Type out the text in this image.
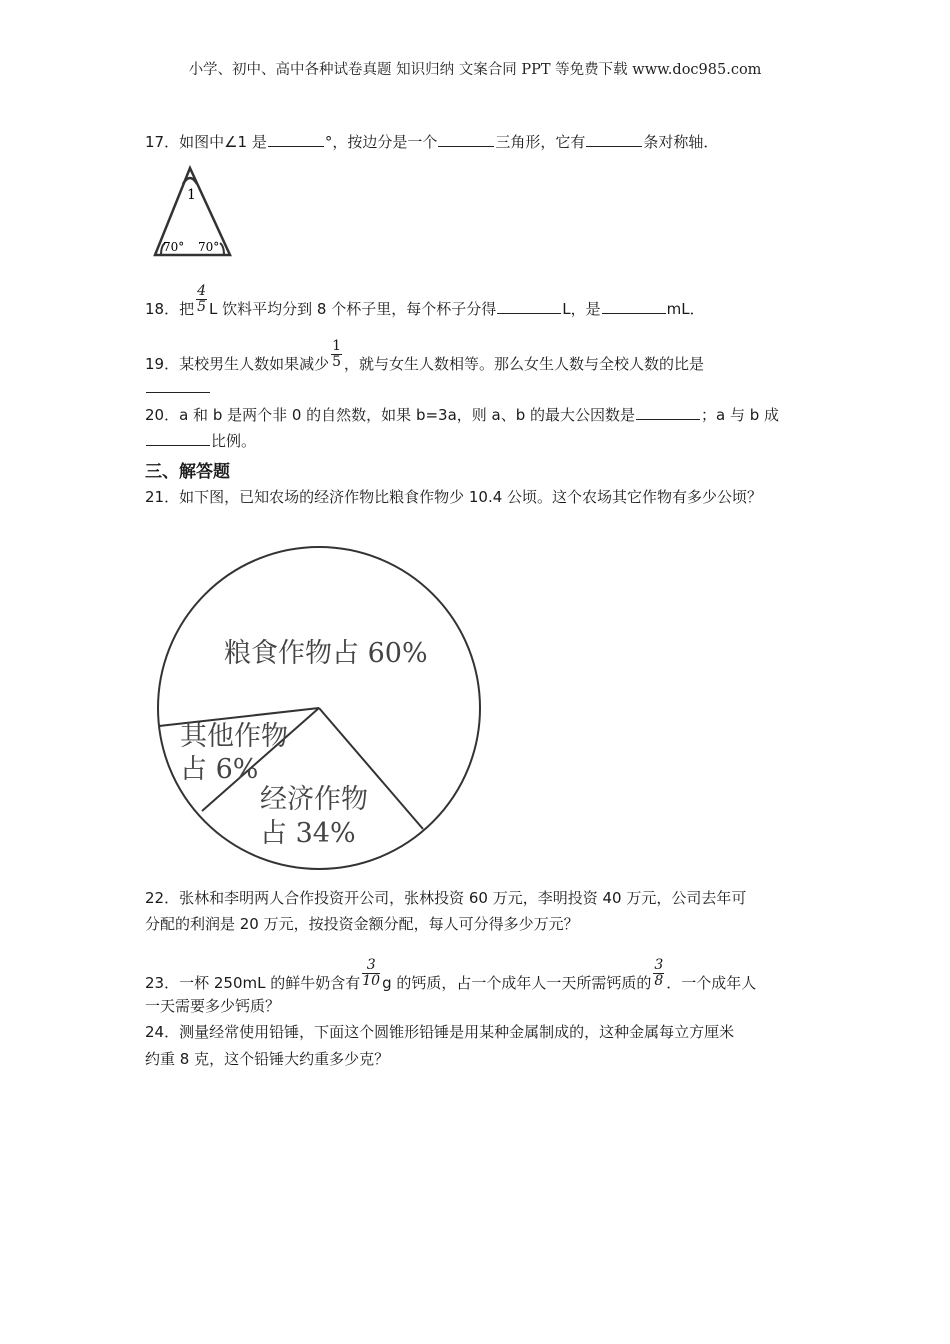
小学、初中、高中各种试卷真题 知识归纳 文案合同 PPT 等免费下载 www.doc985.com
17．如图中∠1 是	°，按边分是一个	三角形，它有	条对称轴．
1
70° 70°
18．把 $\frac{4}{5}$ L 饮料平均分到 8 个杯子里，每个杯子分得	L，是	mL．
19．某校男生人数如果减少 $\frac{1}{5}$ ，就与女生人数相等。那么女生人数与全校人数的比是
20．a 和 b 是两个非 0 的自然数，如果 b=3a，则 a、b 的最大公因数是	；a 与 b 成
比例。
三、解答题
21．如下图，已知农场的经济作物比粮食作物少 10.4 公顷。这个农场其它作物有多少公顷？
粮食作物占 60%
其他作物
占 6%
经济作物
占 34%
22．张林和李明两人合作投资开公司，张林投资 60 万元，李明投资 40 万元，公司去年可
分配的利润是 20 万元，按投资金额分配，每人可分得多少万元？
23．一杯 250mL 的鲜牛奶含有 $\frac{3}{10}$ g 的钙质，占一个成年人一天所需钙质的 $\frac{3}{8}$ ．一个成年人
一天需要多少钙质？
24．测量经常使用铅锤，下面这个圆锥形铅锤是用某种金属制成的，这种金属每立方厘米
约重 8 克，这个铅锤大约重多少克？
